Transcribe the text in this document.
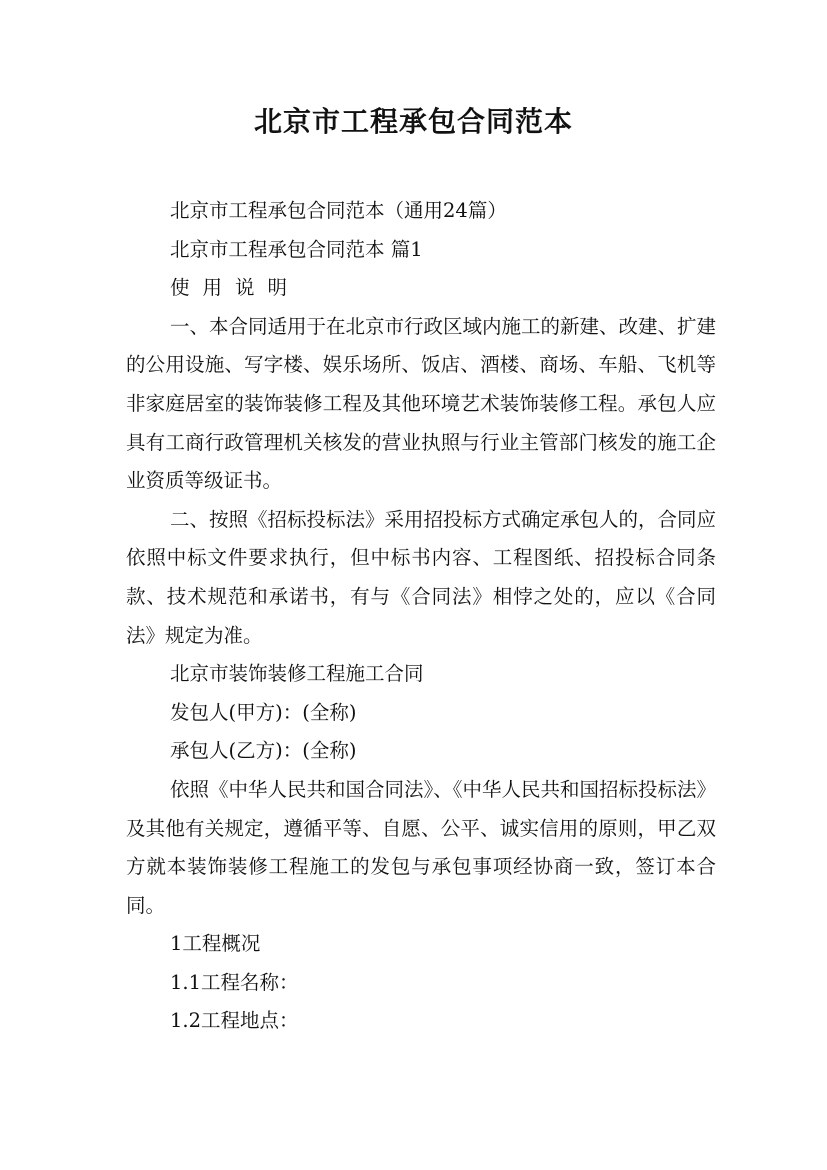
北京市工程承包合同范本

北京市工程承包合同范本（通用24篇）

北京市工程承包合同范本 篇1

使用说明

一、本合同适用于在北京市行政区域内施工的新建、改建、扩建的公用设施、写字楼、娱乐场所、饭店、酒楼、商场、车船、飞机等非家庭居室的装饰装修工程及其他环境艺术装饰装修工程。承包人应具有工商行政管理机关核发的营业执照与行业主管部门核发的施工企业资质等级证书。

二、按照《招标投标法》采用招投标方式确定承包人的，合同应依照中标文件要求执行，但中标书内容、工程图纸、招投标合同条款、技术规范和承诺书，有与《合同法》相悖之处的，应以《合同法》规定为准。

北京市装饰装修工程施工合同

发包人(甲方)：(全称)

承包人(乙方)：(全称)

依照《中华人民共和国合同法》、《中华人民共和国招标投标法》及其他有关规定，遵循平等、自愿、公平、诚实信用的原则，甲乙双方就本装饰装修工程施工的发包与承包事项经协商一致，签订本合同。

1工程概况

1.1工程名称：

1.2工程地点：
